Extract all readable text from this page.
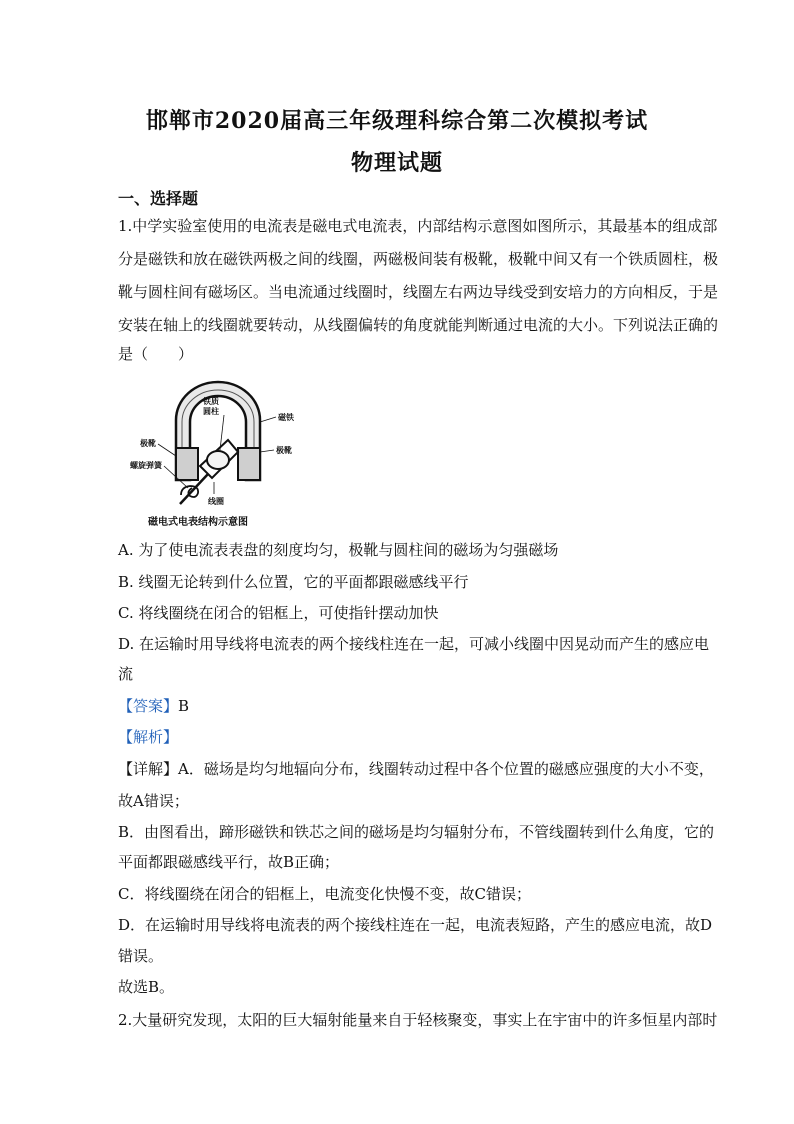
邯郸市2020届高三年级理科综合第二次模拟考试
物理试题
一、选择题
1.中学实验室使用的电流表是磁电式电流表，内部结构示意图如图所示，其最基本的组成部
分是磁铁和放在磁铁两极之间的线圈，两磁极间装有极靴，极靴中间又有一个铁质圆柱，极
靴与圆柱间有磁场区。当电流通过线圈时，线圈左右两边导线受到安培力的方向相反，于是
安装在轴上的线圈就要转动，从线圈偏转的角度就能判断通过电流的大小。下列说法正确的
是（　　）
铁质
圆柱
磁铁
极靴
极靴
螺旋弹簧
线圈
磁电式电表结构示意图
A. 为了使电流表表盘的刻度均匀，极靴与圆柱间的磁场为匀强磁场
B. 线圈无论转到什么位置，它的平面都跟磁感线平行
C. 将线圈绕在闭合的铝框上，可使指针摆动加快
D. 在运输时用导线将电流表的两个接线柱连在一起，可减小线圈中因晃动而产生的感应电
流
【答案】B
【解析】
【详解】A．磁场是均匀地辐向分布，线圈转动过程中各个位置的磁感应强度的大小不变，
故A错误；
B．由图看出，蹄形磁铁和铁芯之间的磁场是均匀辐射分布，不管线圈转到什么角度，它的
平面都跟磁感线平行，故B正确；
C．将线圈绕在闭合的铝框上，电流变化快慢不变，故C错误；
D．在运输时用导线将电流表的两个接线柱连在一起，电流表短路，产生的感应电流，故D
错误。
故选B。
2.大量研究发现，太阳的巨大辐射能量来自于轻核聚变，事实上在宇宙中的许多恒星内部时
